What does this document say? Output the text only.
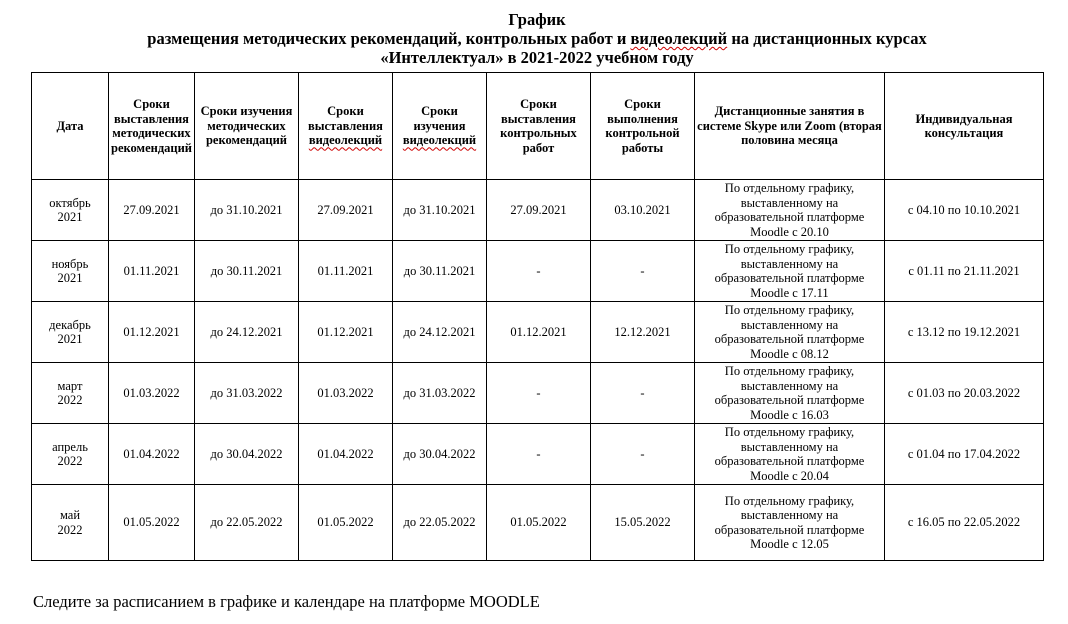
График
размещения методических рекомендаций, контрольных работ и видеолекций на дистанционных курсах
«Интеллектуал» в 2021-2022 учебном году
Дата	Сроки выставления методических рекомендаций	Сроки изучения методических рекомендаций	Сроки выставления видеолекций	Сроки изучения видеолекций	Сроки выставления контрольных работ	Сроки выполнения контрольной работы	Дистанционные занятия в системе Skype или Zoom (вторая половина месяца	Индивидуальная консультация
октябрь
2021	27.09.2021	до 31.10.2021	27.09.2021	до 31.10.2021	27.09.2021	03.10.2021	По отдельному графику, выставленному на образовательной платформе Moodle с 20.10	с 04.10 по 10.10.2021
ноябрь
2021	01.11.2021	до 30.11.2021	01.11.2021	до 30.11.2021	-	-	По отдельному графику, выставленному на образовательной платформе Moodle с 17.11	с 01.11 по 21.11.2021
декабрь
2021	01.12.2021	до 24.12.2021	01.12.2021	до 24.12.2021	01.12.2021	12.12.2021	По отдельному графику, выставленному на образовательной платформе Moodle с 08.12	с 13.12 по 19.12.2021
март
2022	01.03.2022	до 31.03.2022	01.03.2022	до 31.03.2022	-	-	По отдельному графику, выставленному на образовательной платформе Moodle с 16.03	с 01.03 по 20.03.2022
апрель
2022	01.04.2022	до 30.04.2022	01.04.2022	до 30.04.2022	-	-	По отдельному графику, выставленному на образовательной платформе Moodle с 20.04	с 01.04 по 17.04.2022
май
2022	01.05.2022	до 22.05.2022	01.05.2022	до 22.05.2022	01.05.2022	15.05.2022	По отдельному графику, выставленному на образовательной платформе Moodle с 12.05	с 16.05 по 22.05.2022
Следите за расписанием в графике и календаре на платформе MOODLE
